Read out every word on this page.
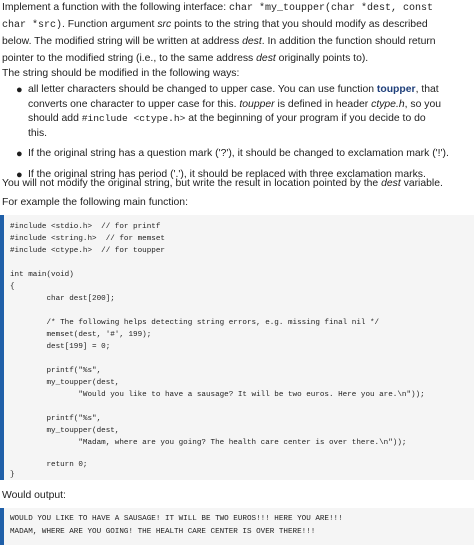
Implement a function with the following interface: char *my_toupper(char *dest, const
char *src). Function argument src points to the string that you should modify as described
below. The modified string will be written at address dest. In addition the function should return
pointer to the modified string (i.e., to the same address dest originally points to).
The string should be modified in the following ways:
● all letter characters should be changed to upper case. You can use function toupper, that
converts one character to upper case for this. toupper is defined in header ctype.h, so you
should add #include <ctype.h> at the beginning of your program if you decide to do
this.
● If the original string has a question mark ('?'), it should be changed to exclamation mark ('!').
● If the original string has period ('.'), it should be replaced with three exclamation marks.
You will not modify the original string, but write the result in location pointed by the dest variable.
For example the following main function:

#include <stdio.h>  // for printf

#include <string.h>  // for memset

#include <ctype.h>  // for toupper

int main(void)

{

char dest[200];

/* The following helps detecting string errors, e.g. missing final nil */

memset(dest, '#', 199);

dest[199] = 0;

printf("%s",

my_toupper(dest,

"Would you like to have a sausage? It will be two euros. Here you are.\n"));

printf("%s",

my_toupper(dest,

"Madam, where are you going? The health care center is over there.\n"));

return 0;

}

Would output:

WOULD YOU LIKE TO HAVE A SAUSAGE! IT WILL BE TWO EUROS!!! HERE YOU ARE!!!

MADAM, WHERE ARE YOU GOING! THE HEALTH CARE CENTER IS OVER THERE!!!
